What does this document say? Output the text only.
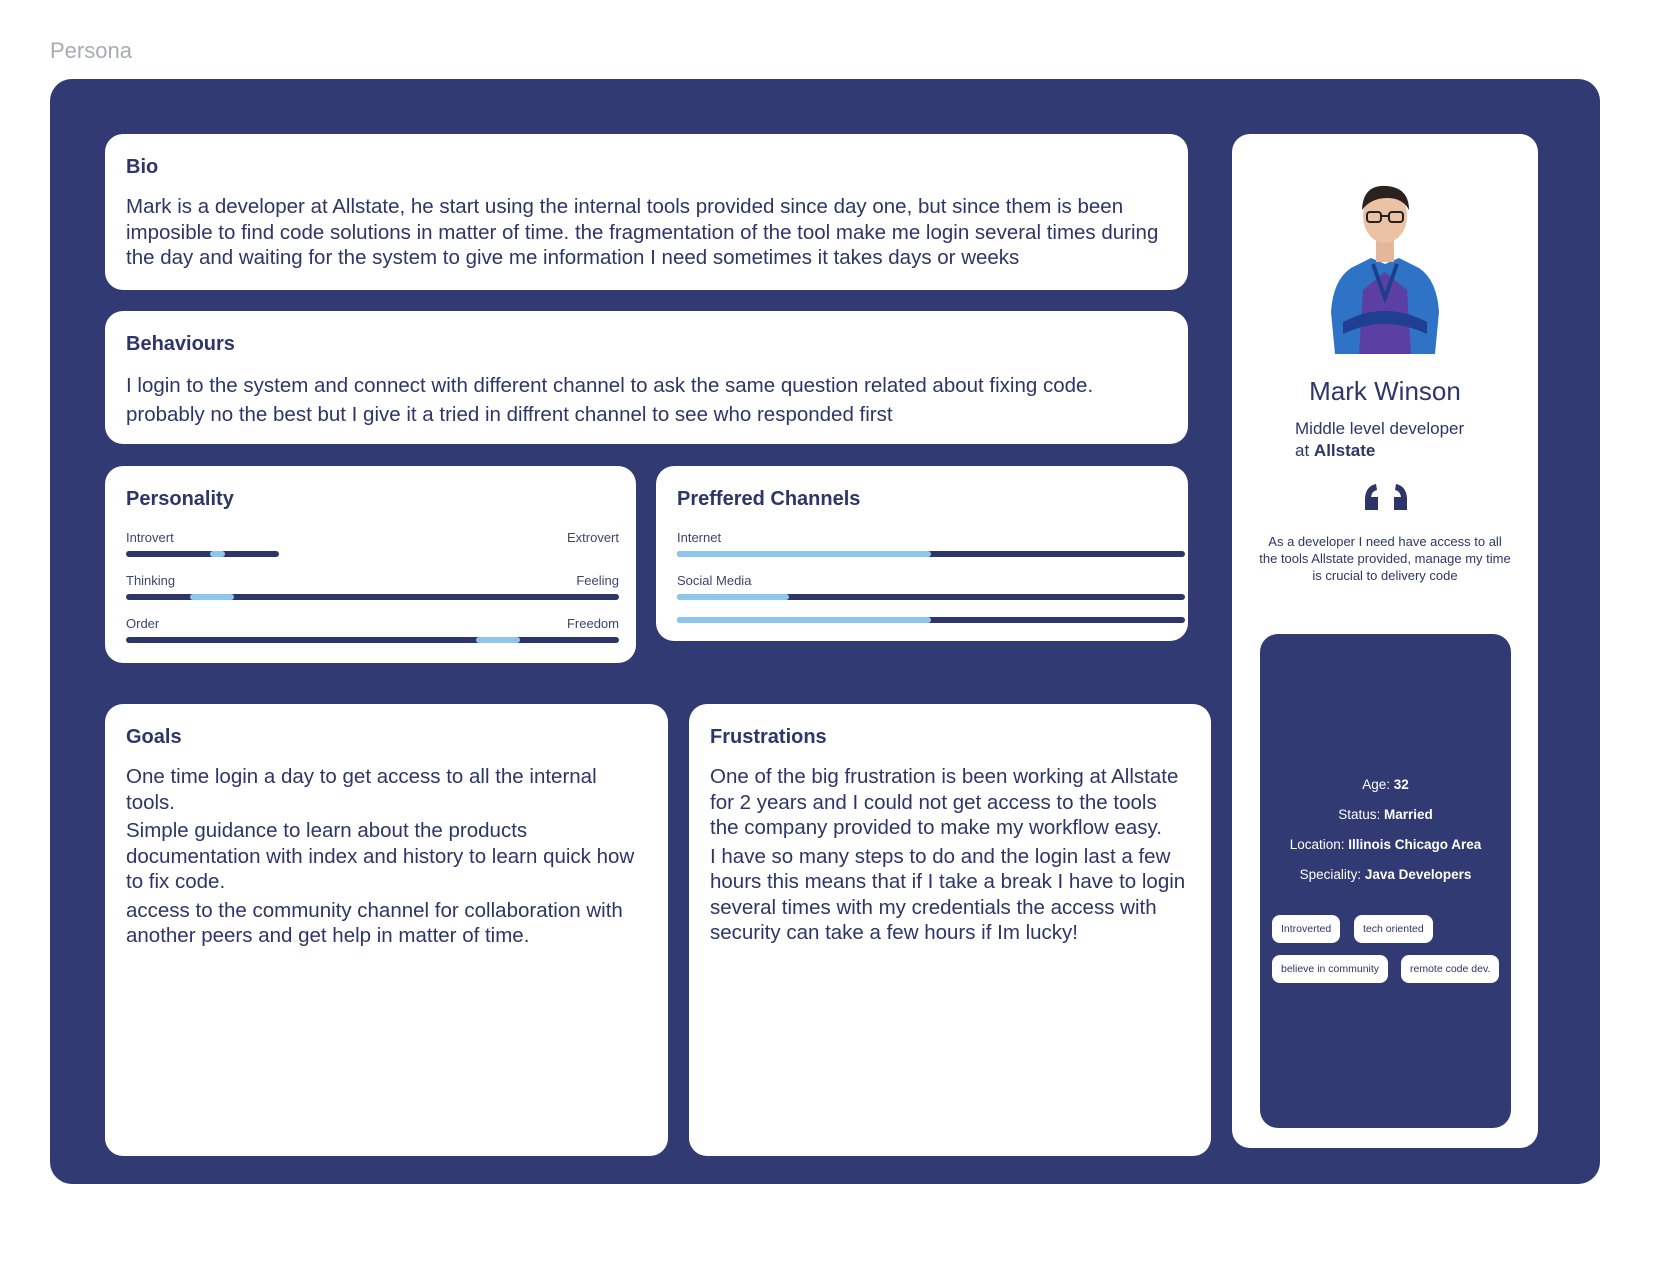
Persona
Bio
Mark is a developer at Allstate, he start using the internal tools provided since day one, but since them is been imposible to find code solutions in matter of time. the fragmentation of the tool make me login several times during the day and waiting for the system to give me information I need sometimes it takes days or weeks
Behaviours
I login to the system and connect with different channel to ask the same question related about fixing code. probably no the best but I give it a tried in diffrent channel to see who responded first
Personality
Introvert	Extrovert
Thinking	Feeling
Order	Freedom
Preffered Channels
Internet
Social Media
Goals

One time login a day to get access to all the internal tools.

Simple guidance to learn about the products documentation with index and history to learn quick how to fix code.

access to the community channel for collaboration with another peers and get help in matter of time.

Frustrations

One of the big frustration is been working at Allstate for 2 years and I could not get access to the tools the company provided to make my workflow easy.

I have so many steps to do and the login last a few hours this means that if I take a break I have to login several times with my credentials the access with security can take a few hours if Im lucky!

Mark Winson
Middle level developer
at Allstate
As a developer I need have access to all the tools Allstate provided, manage my time is crucial to delivery code
Age: 32
Status: Married
Location: Illinois Chicago Area
Speciality: Java Developers
Introverted	tech oriented
believe in community	remote code dev.
